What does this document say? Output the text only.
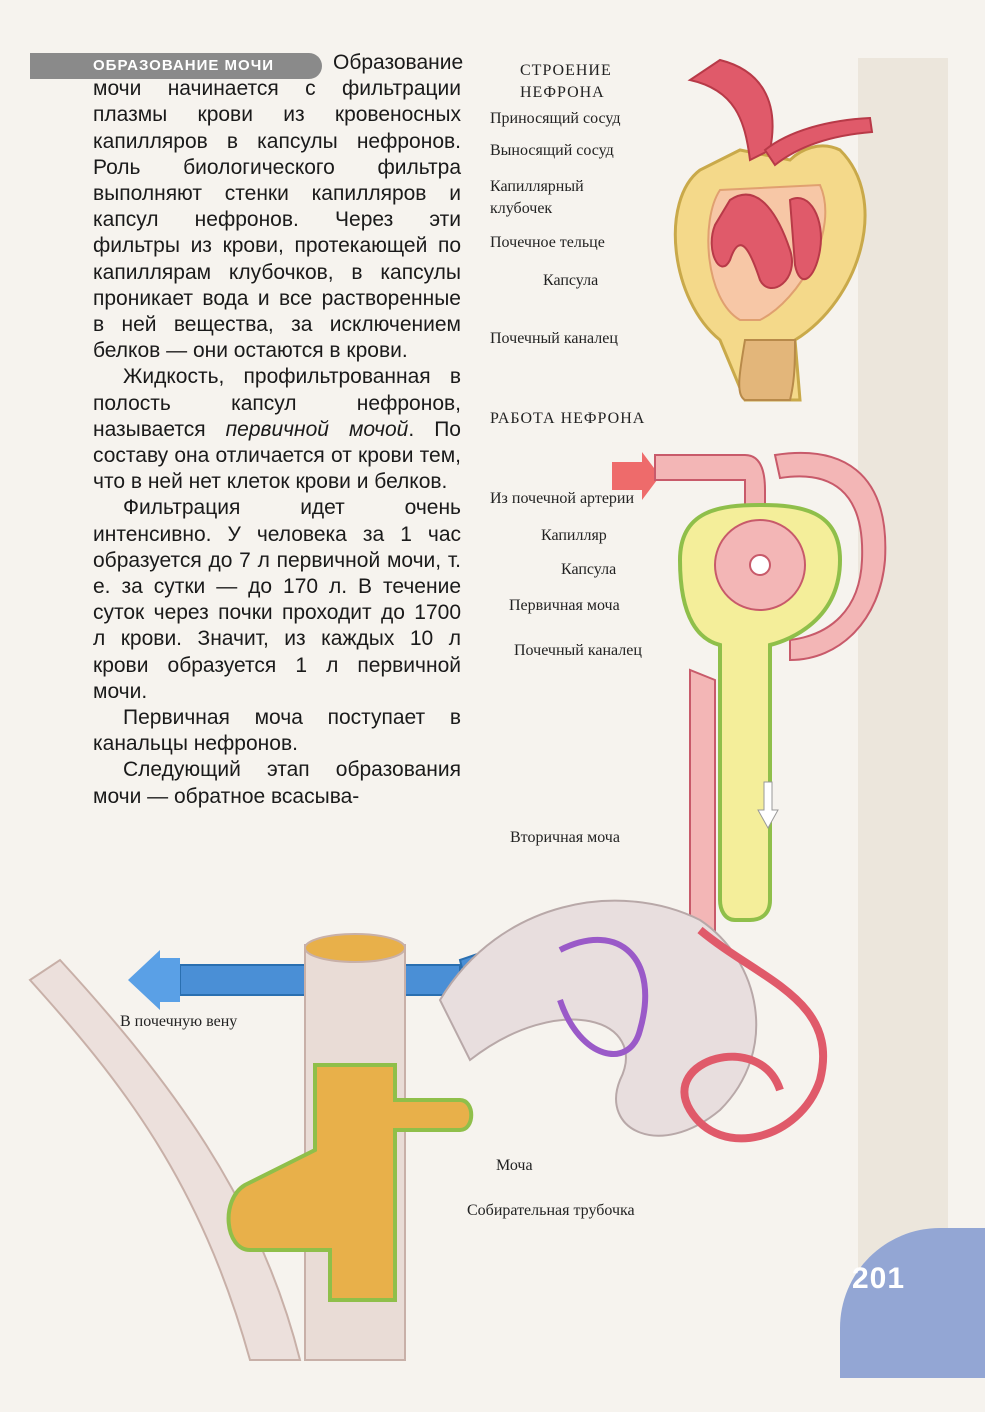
201

Образование мочи начинается с фильтрации плазмы крови из кровеносных капилляров в капсулы нефронов. Роль биологического фильтра выполняют стенки капилляров и капсул нефронов. Через эти фильтры из крови, протекающей по капиллярам клубочков, в капсулы проникает вода и все растворенные в ней вещества, за исключением белков — они остаются в крови.

Жидкость, профильтрованная в полость капсул нефронов, называется первичной мочой. По составу она отличается от крови тем, что в ней нет клеток крови и белков.

Фильтрация идет очень интенсивно. У человека за 1 час образуется до 7 л первичной мочи, т. е. за сутки — до 170 л. В течение суток через почки проходит до 1700 л крови. Значит, из каждых 10 л крови образуется 1 л первичной мочи.

Первичная моча поступает в канальцы нефронов.

Следующий этап образования мочи — обратное всасыва-

ОБРАЗОВАНИЕ МОЧИ	СТРОЕНИЕ
НЕФРОНА
Приносящий сосуд
Выносящий сосуд
Капиллярный
клубочек
Почечное тельце
Капсула
Почечный каналец
РАБОТА НЕФРОНА
Из почечной артерии
Капилляр
Капсула
Первичная моча
Почечный каналец
Вторичная моча
В почечную вену
Моча
Собирательная трубочка
